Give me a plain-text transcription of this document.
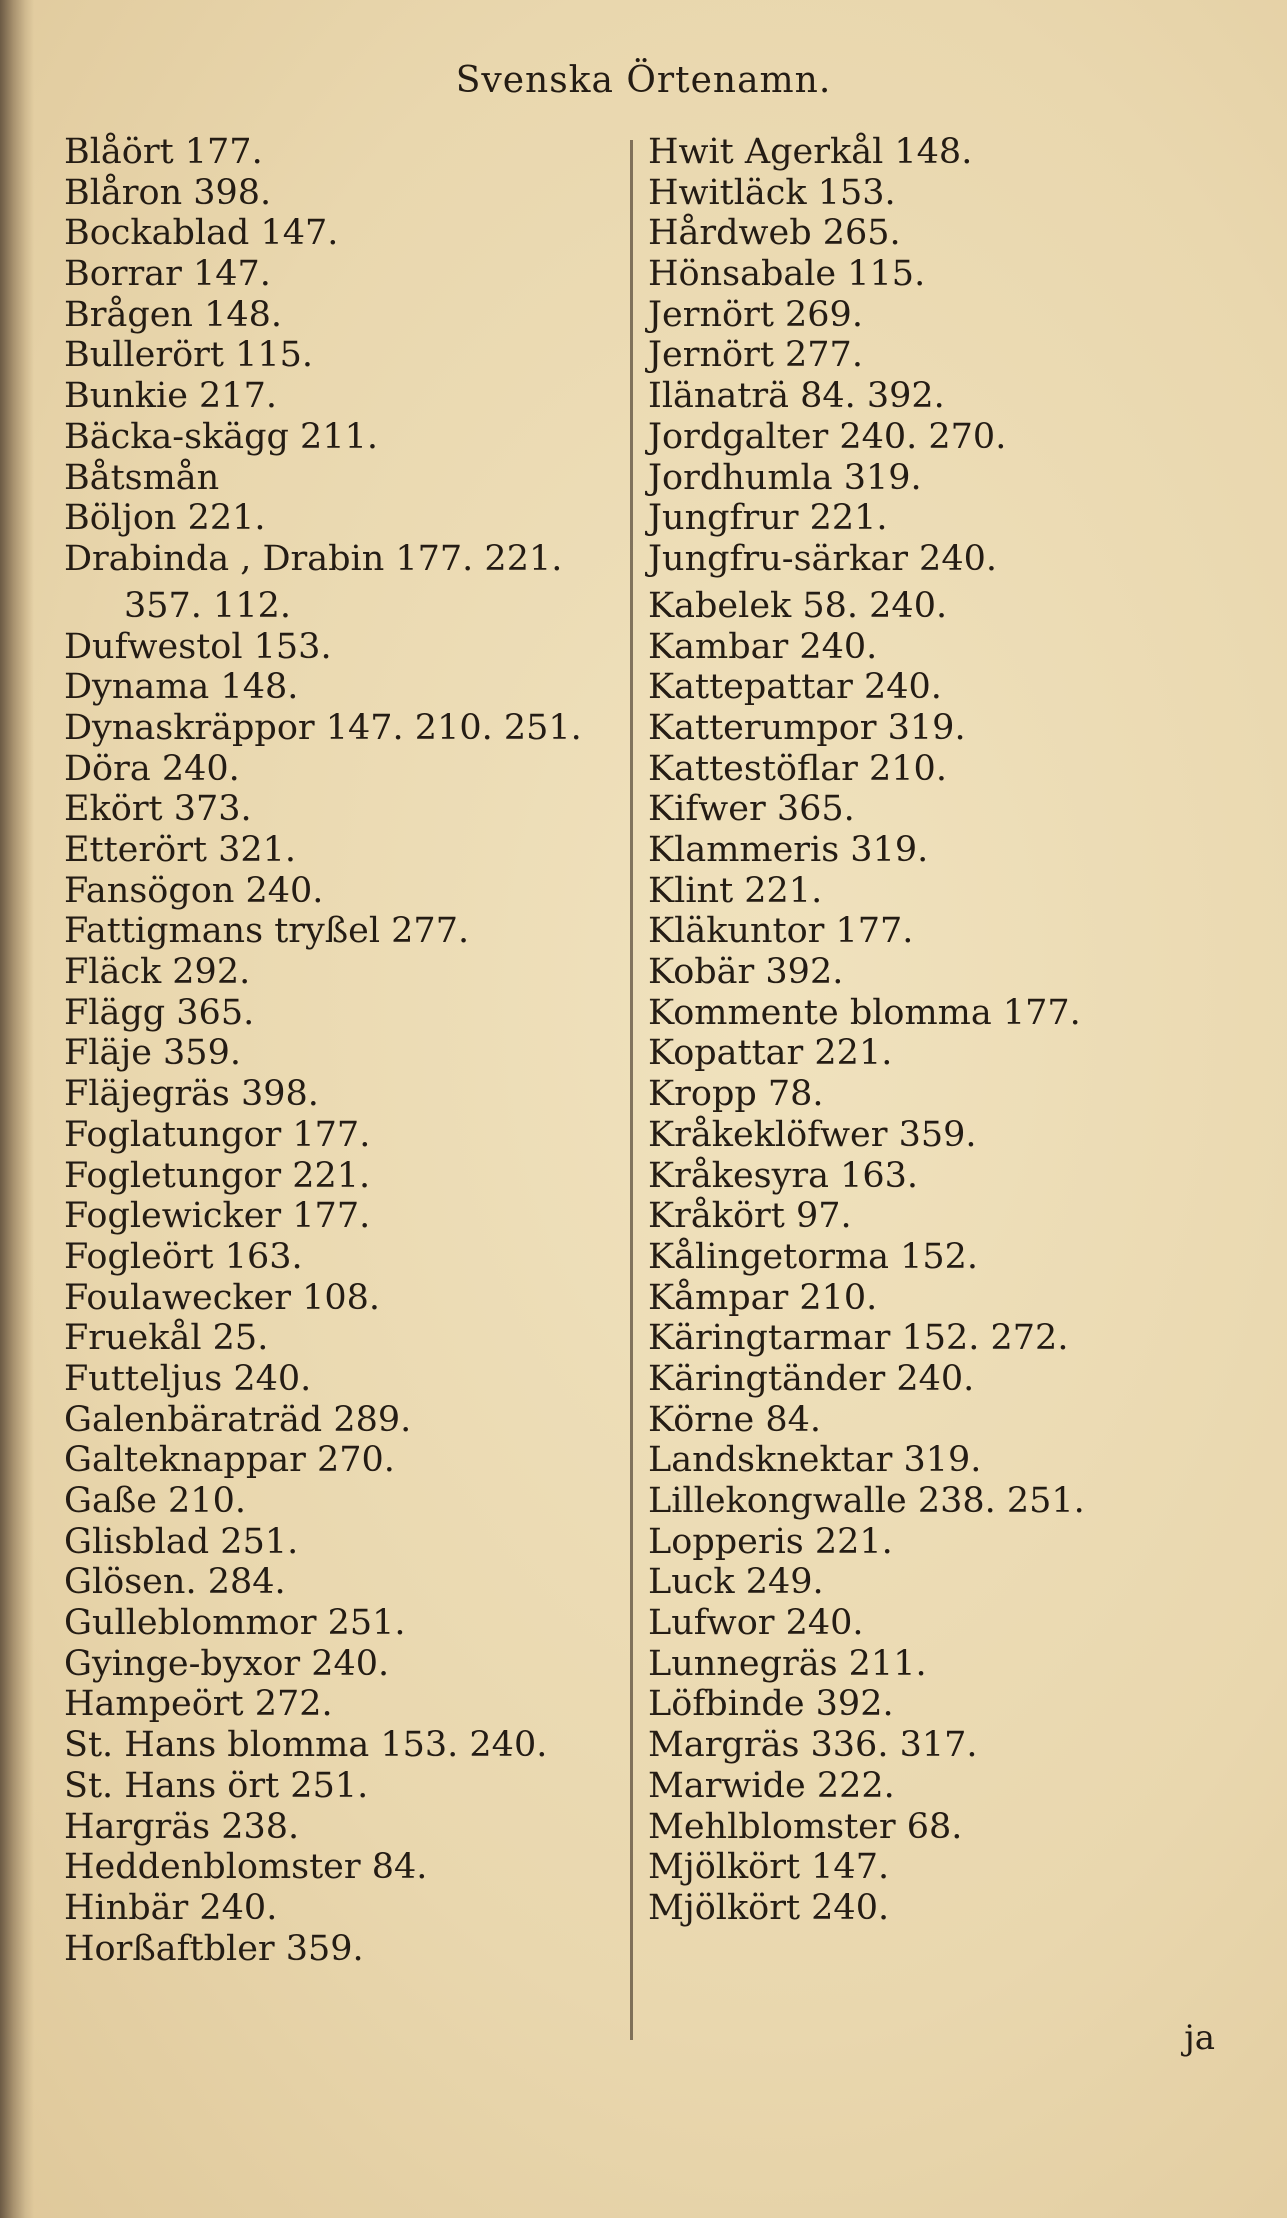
Svenska Örtenamn.
Blåört 177.
Blåron 398.
Bockablad 147.
Borrar 147.
Brågen 148.
Bullerört 115.
Bunkie 217.
Bäcka-skägg 211.
Båtsmån
Böljon 221.
Drabinda , Drabin 177. 221.
357. 112.
Dufwestol 153.
Dynama 148.
Dynaskräppor 147. 210. 251.
Döra 240.
Ekört 373.
Etterört 321.
Fansögon 240.
Fattigmans tryßel 277.
Fläck 292.
Flägg 365.
Fläje 359.
Fläjegräs 398.
Foglatungor 177.
Fogletungor 221.
Foglewicker 177.
Fogleört 163.
Foulawecker 108.
Fruekål 25.
Futteljus 240.
Galenbäraträd 289.
Galteknappar 270.
Gaße 210.
Glisblad 251.
Glösen. 284.
Gulleblommor 251.
Gyinge-byxor 240.
Hampeört 272.
St. Hans blomma 153. 240.
St. Hans ört 251.
Hargräs 238.
Heddenblomster 84.
Hinbär 240.
Horßaftbler 359.
Hwit Agerkål 148.
Hwitläck 153.
Hårdweb 265.
Hönsabale 115.
Jernört 269.
Jernört 277.
Ilänaträ 84. 392.
Jordgalter 240. 270.
Jordhumla 319.
Jungfrur 221.
Jungfru-särkar 240.
Kabelek 58. 240.
Kambar 240.
Kattepattar 240.
Katterumpor 319.
Kattestöflar 210.
Kifwer 365.
Klammeris 319.
Klint 221.
Kläkuntor 177.
Kobär 392.
Kommente blomma 177.
Kopattar 221.
Kropp 78.
Kråkeklöfwer 359.
Kråkesyra 163.
Kråkört 97.
Kålingetorma 152.
Kåmpar 210.
Käringtarmar 152. 272.
Käringtänder 240.
Körne 84.
Landsknektar 319.
Lillekongwalle 238. 251.
Lopperis 221.
Luck 249.
Lufwor 240.
Lunnegräs 211.
Löfbinde 392.
Margräs 336. 317.
Marwide 222.
Mehlblomster 68.
Mjölkört 147.
Mjölkört 240.
ja
